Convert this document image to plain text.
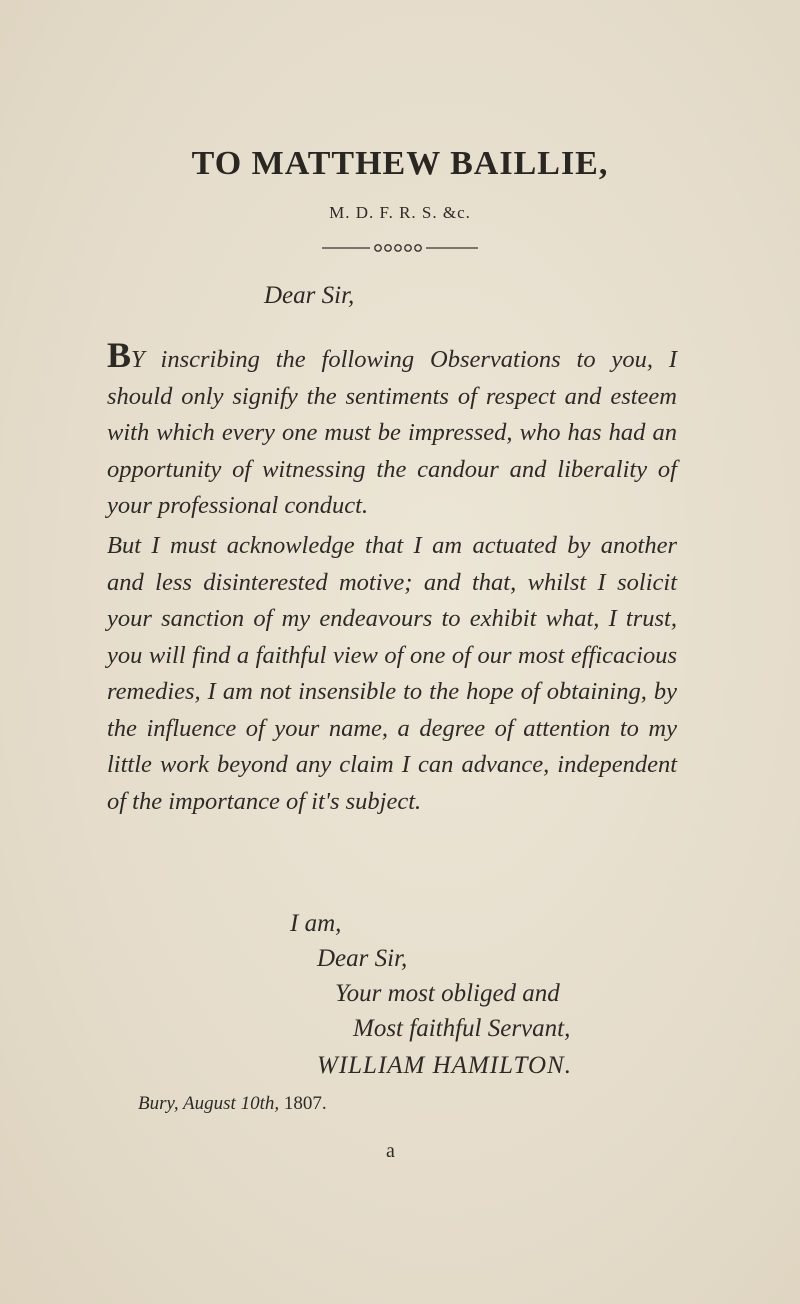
TO MATTHEW BAILLIE,
M. D. F. R. S. &c.
Dear Sir,
BY inscribing the following Observations to you, I should only signify the sentiments of respect and esteem with which every one must be impressed, who has had an opportunity of witnessing the candour and liberality of your professional conduct.
But I must acknowledge that I am actuated by another and less disinterested motive; and that, whilst I solicit your sanction of my endeavours to exhibit what, I trust, you will find a faithful view of one of our most efficacious remedies, I am not insensible to the hope of obtaining, by the influence of your name, a degree of attention to my little work beyond any claim I can advance, independent of the importance of it's subject.
I am,
Dear Sir,
Your most obliged and
Most faithful Servant,
WILLIAM HAMILTON.
Bury, August 10th, 1807.
a
